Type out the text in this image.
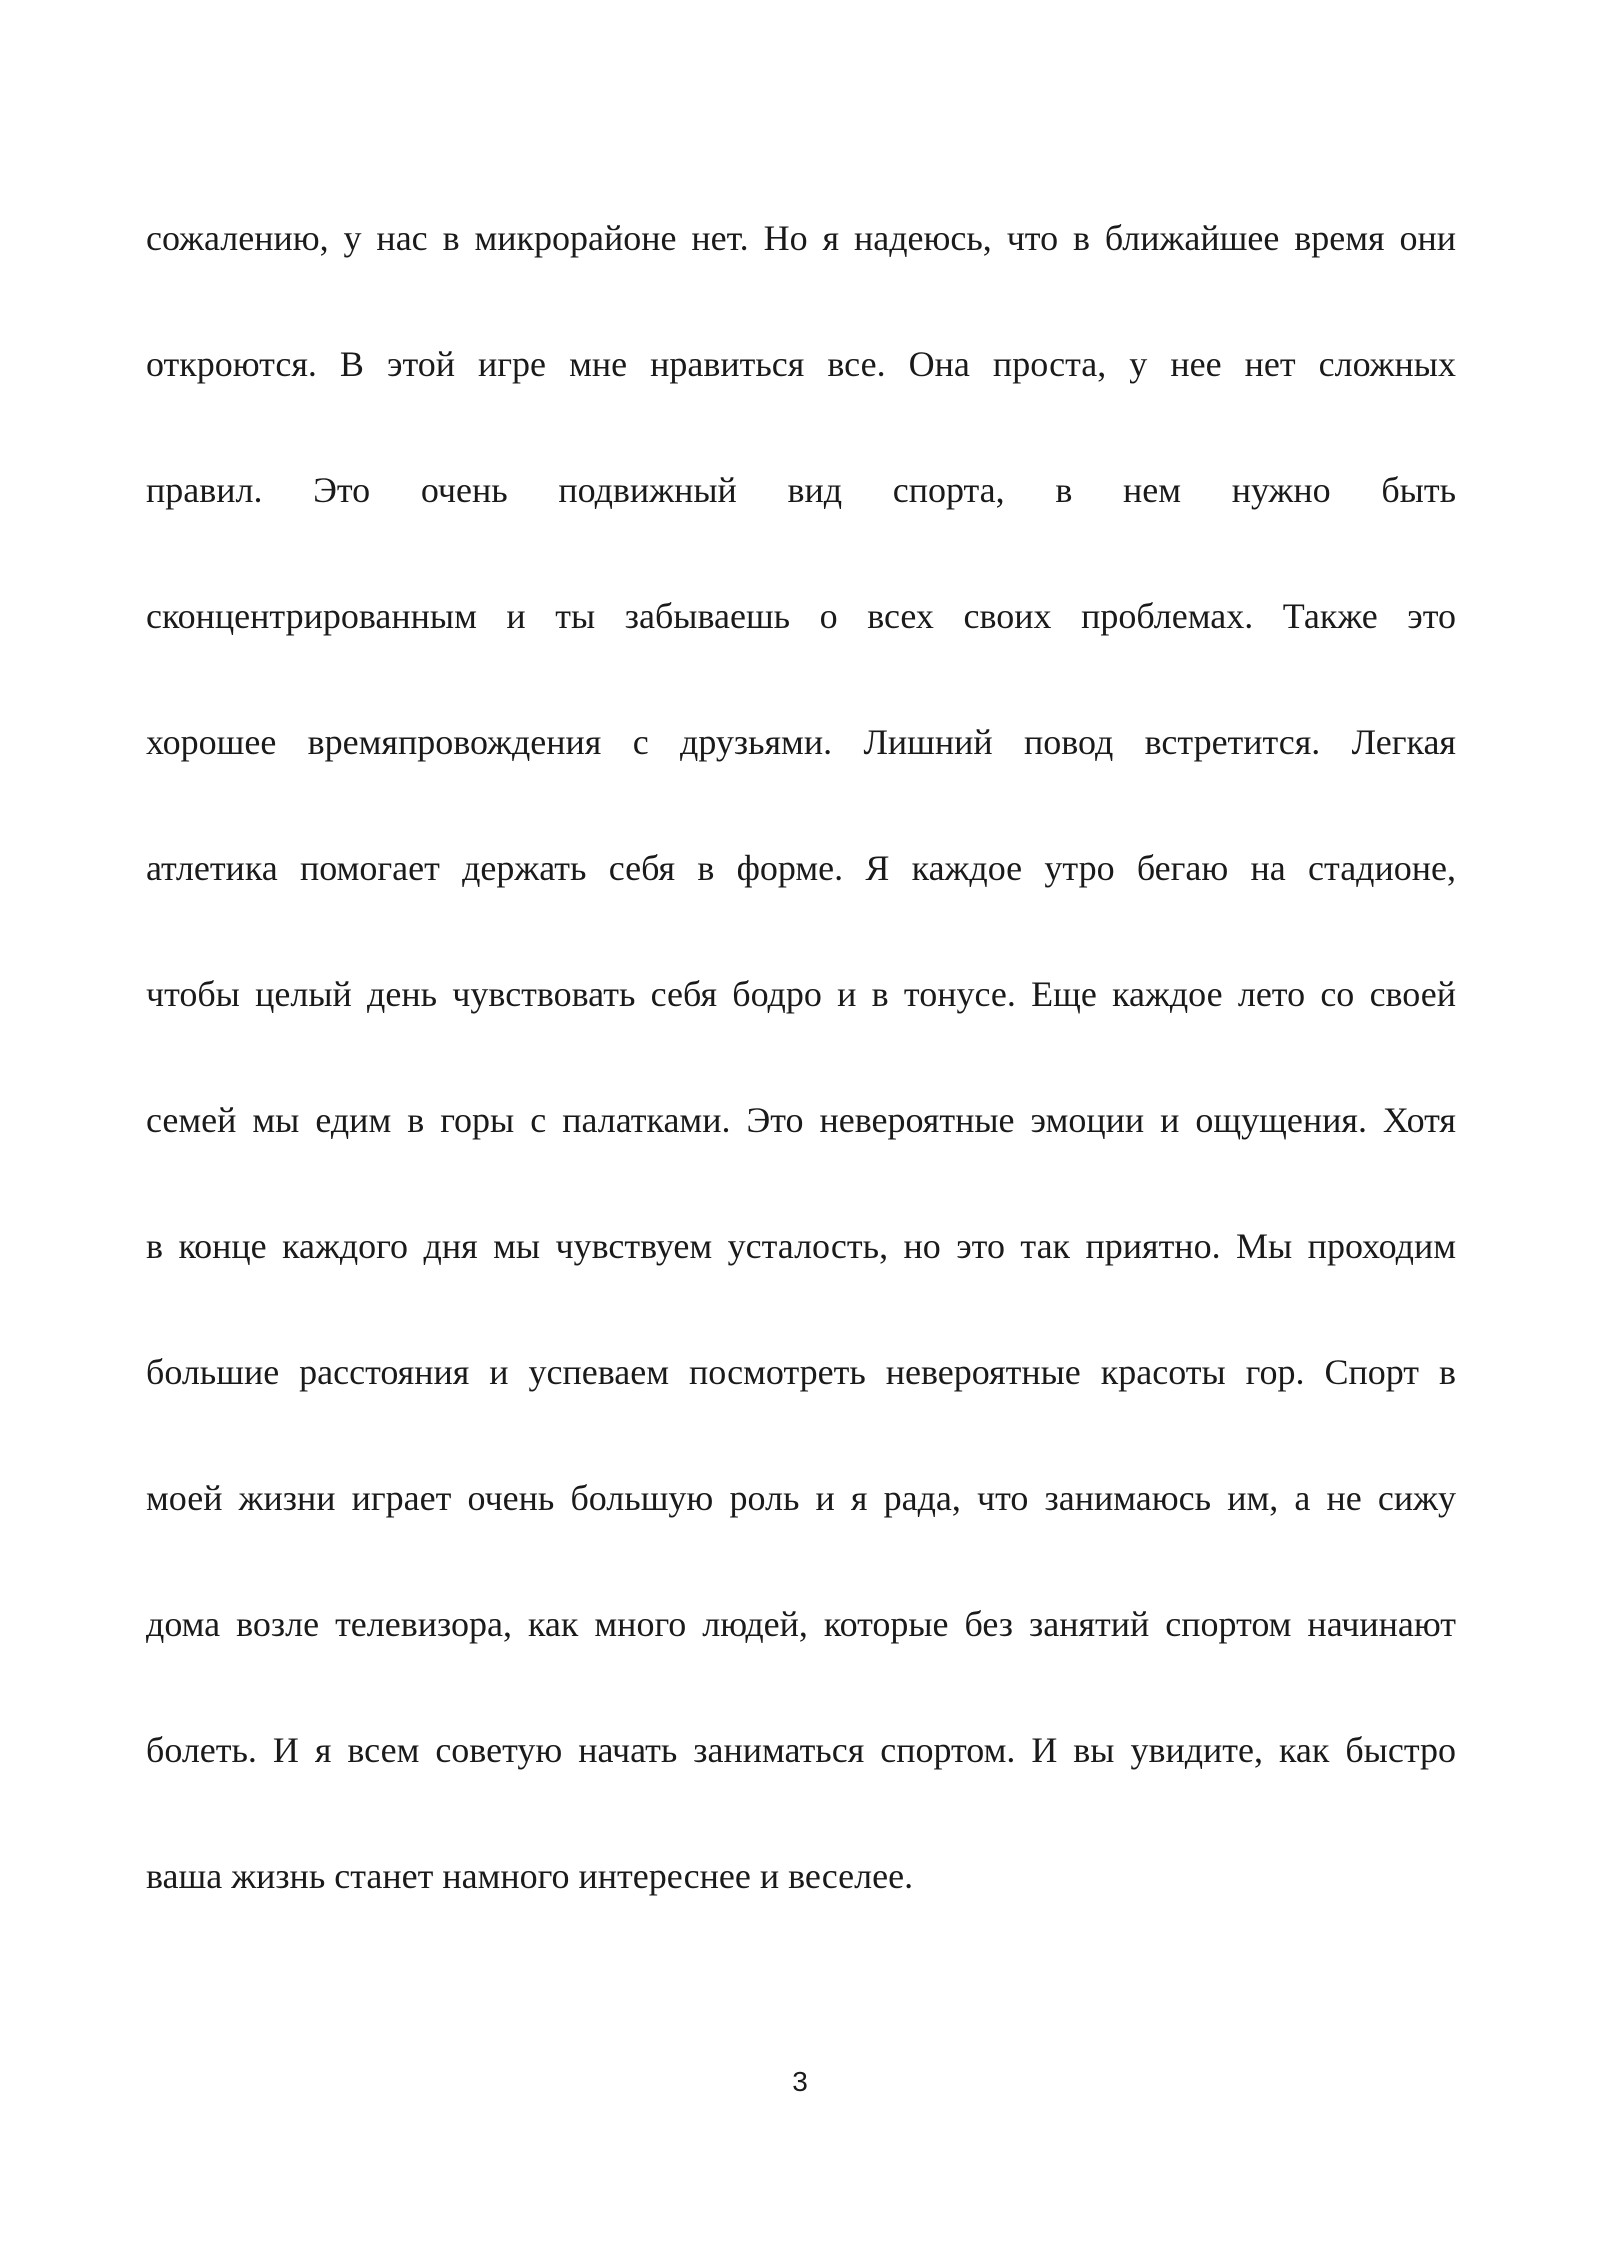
сожалению, у нас в микрорайоне нет. Но я надеюсь, что в ближайшее время они
откроются. В этой игре мне нравиться все. Она проста, у нее нет сложных
правил. Это очень подвижный вид спорта, в нем нужно быть
сконцентрированным и ты забываешь о всех своих проблемах. Также это
хорошее времяпровождения с друзьями. Лишний повод встретится. Легкая
атлетика помогает держать себя в форме. Я каждое утро бегаю на стадионе,
чтобы целый день чувствовать себя бодро и в тонусе. Еще каждое лето со своей
семей мы едим в горы с палатками. Это невероятные эмоции и ощущения. Хотя
в конце каждого дня мы чувствуем усталость, но это так приятно. Мы проходим
большие расстояния и успеваем посмотреть невероятные красоты гор. Спорт в
моей жизни играет очень большую роль и я рада, что занимаюсь им, а не сижу
дома возле телевизора, как много людей, которые без занятий спортом начинают
болеть. И я всем советую начать заниматься спортом. И вы увидите, как быстро
ваша жизнь станет намного интереснее и веселее.
3
